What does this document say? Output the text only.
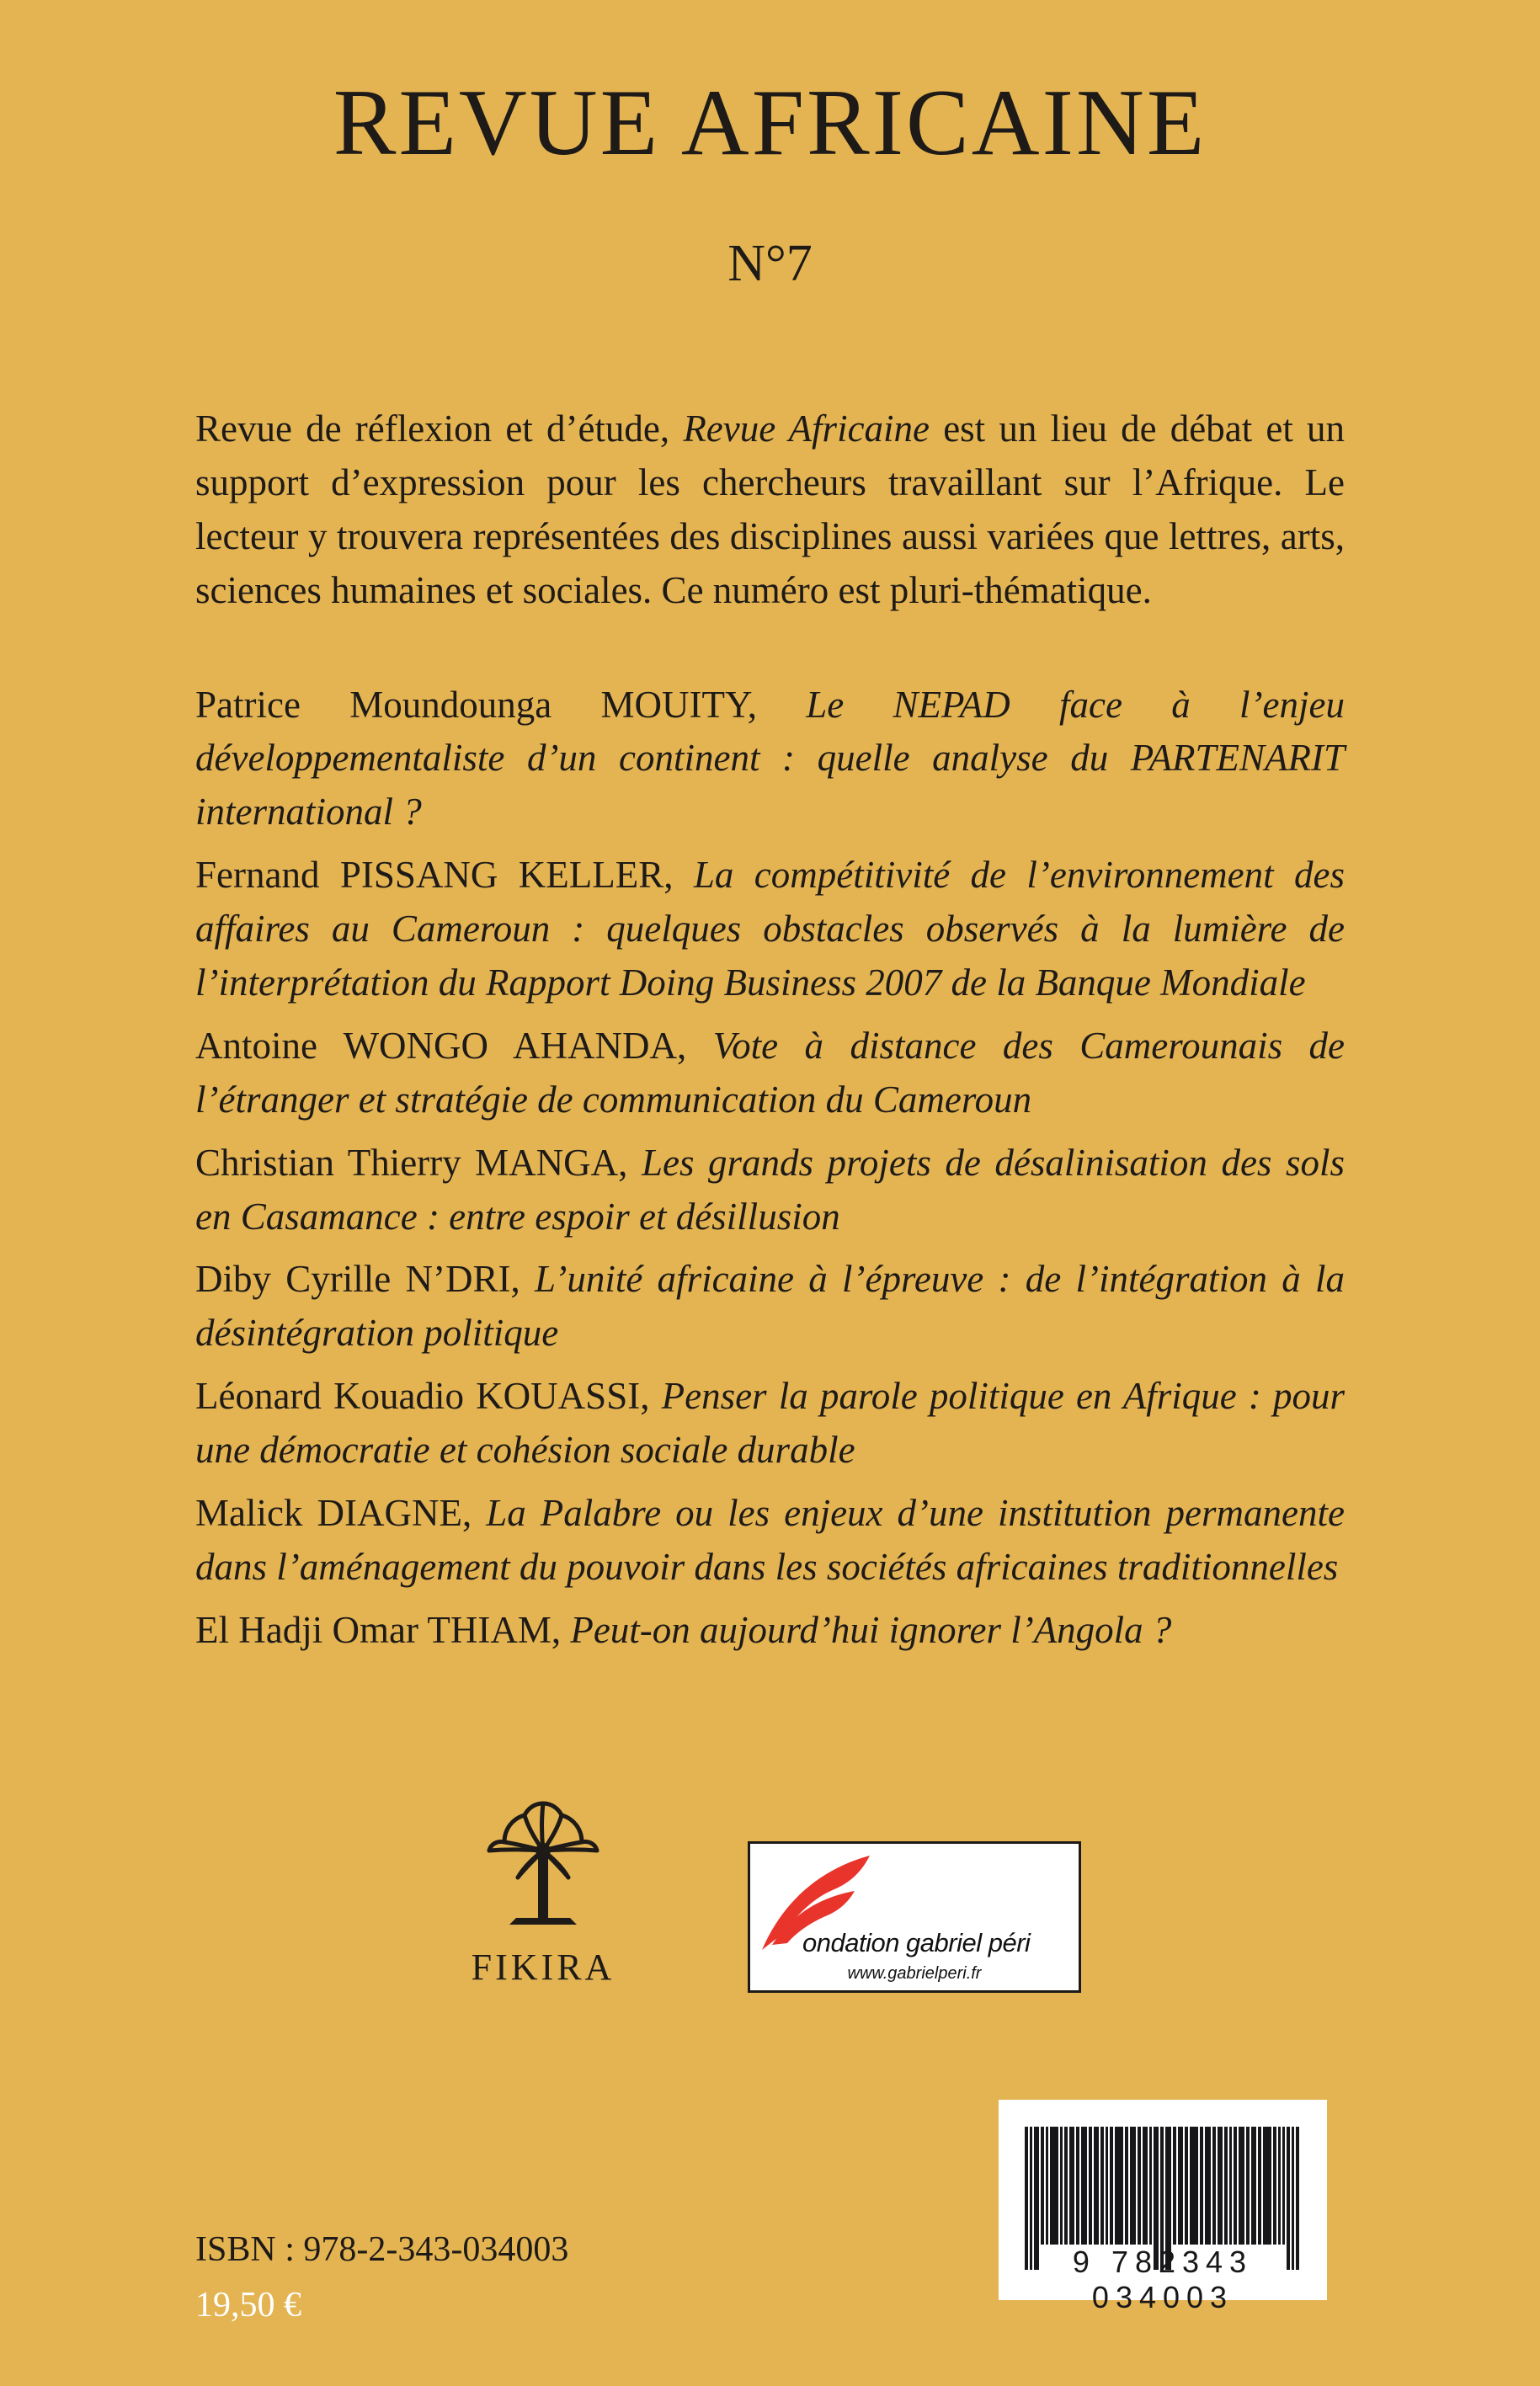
REVUE AFRICAINE
N°7

Revue de réflexion et d’étude, Revue Africaine est un lieu de débat et un support d’expression pour les chercheurs travaillant sur l’Afrique. Le lecteur y trouvera représentées des disciplines aussi variées que lettres, arts, sciences humaines et sociales. Ce numéro est pluri-thématique.

Patrice Moundounga MOUITY, Le NEPAD face à l’enjeu développementaliste d’un continent : quelle analyse du PARTENARIT international ?

Fernand PISSANG KELLER, La compétitivité de l’environnement des affaires au Cameroun : quelques obstacles observés à la lumière de l’interprétation du Rapport Doing Business 2007 de la Banque Mondiale

Antoine WONGO AHANDA, Vote à distance des Camerounais de l’étranger et stratégie de communication du Cameroun

Christian Thierry MANGA, Les grands projets de désalinisation des sols en Casamance : entre espoir et désillusion

Diby Cyrille N’DRI, L’unité africaine à l’épreuve : de l’intégration à la désintégration politique

Léonard Kouadio KOUASSI, Penser la parole politique en Afrique : pour une démocratie et cohésion sociale durable

Malick DIAGNE, La Palabre ou les enjeux d’une institution permanente dans l’aménagement du pouvoir dans les sociétés africaines traditionnelles

El Hadji Omar THIAM, Peut-on aujourd’hui ignorer l’Angola ?

FIKIRA
ondation gabriel péri
www.gabrielperi.fr
9 782343 034003

ISBN : 978-2-343-034003

19,50 €
